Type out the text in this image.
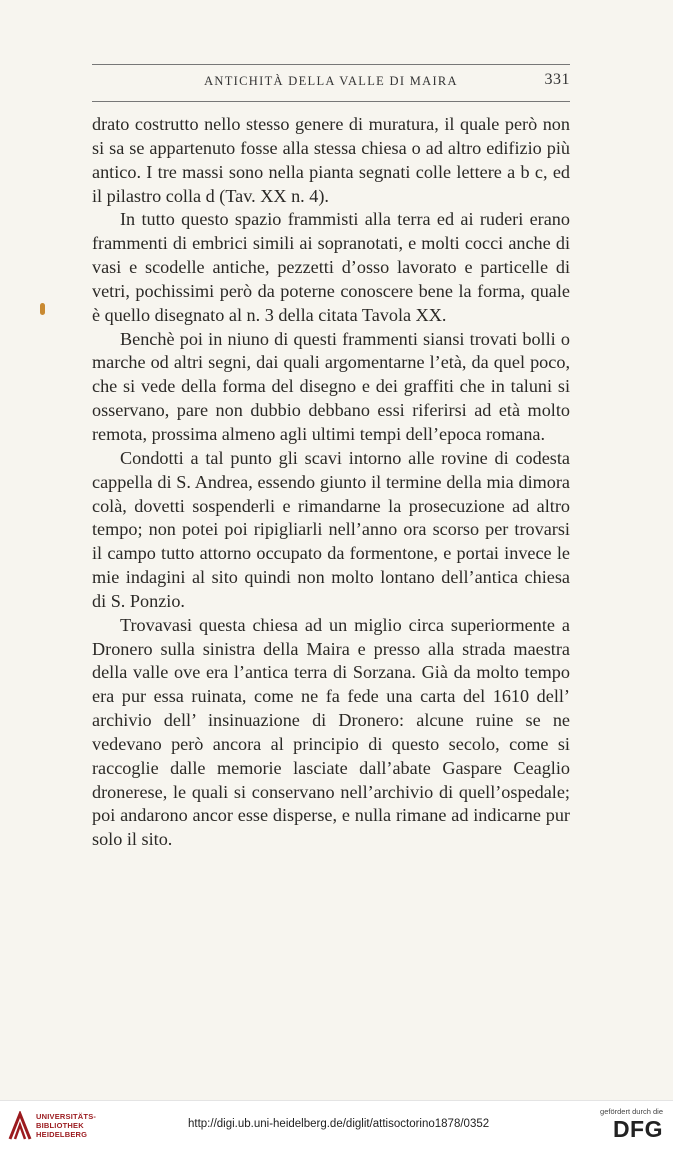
ANTICHITÀ DELLA VALLE DI MAIRA	331

drato costrutto nello stesso genere di muratura, il quale però non si sa se appartenuto fosse alla stessa chiesa o ad altro edifizio più antico. I tre massi sono nella pianta segnati colle lettere a b c, ed il pilastro colla d (Tav. XX n. 4).

In tutto questo spazio frammisti alla terra ed ai ruderi erano frammenti di embrici simili ai sopranotati, e molti cocci anche di vasi e scodelle antiche, pezzetti d’osso lavorato e particelle di vetri, pochissimi però da poterne conoscere bene la forma, quale è quello disegnato al n. 3 della citata Tavola XX.

Benchè poi in niuno di questi frammenti siansi trovati bolli o marche od altri segni, dai quali argomentarne l’età, da quel poco, che si vede della forma del disegno e dei graffiti che in taluni si osservano, pare non dubbio debbano essi riferirsi ad età molto remota, prossima almeno agli ultimi tempi dell’epoca romana.

Condotti a tal punto gli scavi intorno alle rovine di codesta cappella di S. Andrea, essendo giunto il termine della mia dimora colà, dovetti sospenderli e rimandarne la prosecuzione ad altro tempo; non potei poi ripigliarli nell’anno ora scorso per trovarsi il campo tutto attorno occupato da formentone, e portai invece le mie indagini al sito quindi non molto lontano dell’antica chiesa di S. Ponzio.

Trovavasi questa chiesa ad un miglio circa superiormente a Dronero sulla sinistra della Maira e presso alla strada maestra della valle ove era l’antica terra di Sorzana. Già da molto tempo era pur essa ruinata, come ne fa fede una carta del 1610 dell’ archivio dell’ insinuazione di Dronero: alcune ruine se ne vedevano però ancora al principio di questo secolo, come si raccoglie dalle memorie lasciate dall’abate Gaspare Ceaglio dronerese, le quali si conservano nell’archivio di quell’ospedale; poi andarono ancor esse disperse, e nulla rimane ad indicarne pur solo il sito.

UNIVERSITÄTS-
BIBLIOTHEK
HEIDELBERG
http://digi.ub.uni-heidelberg.de/diglit/attisoctorino1878/0352
gefördert durch die
DFG
